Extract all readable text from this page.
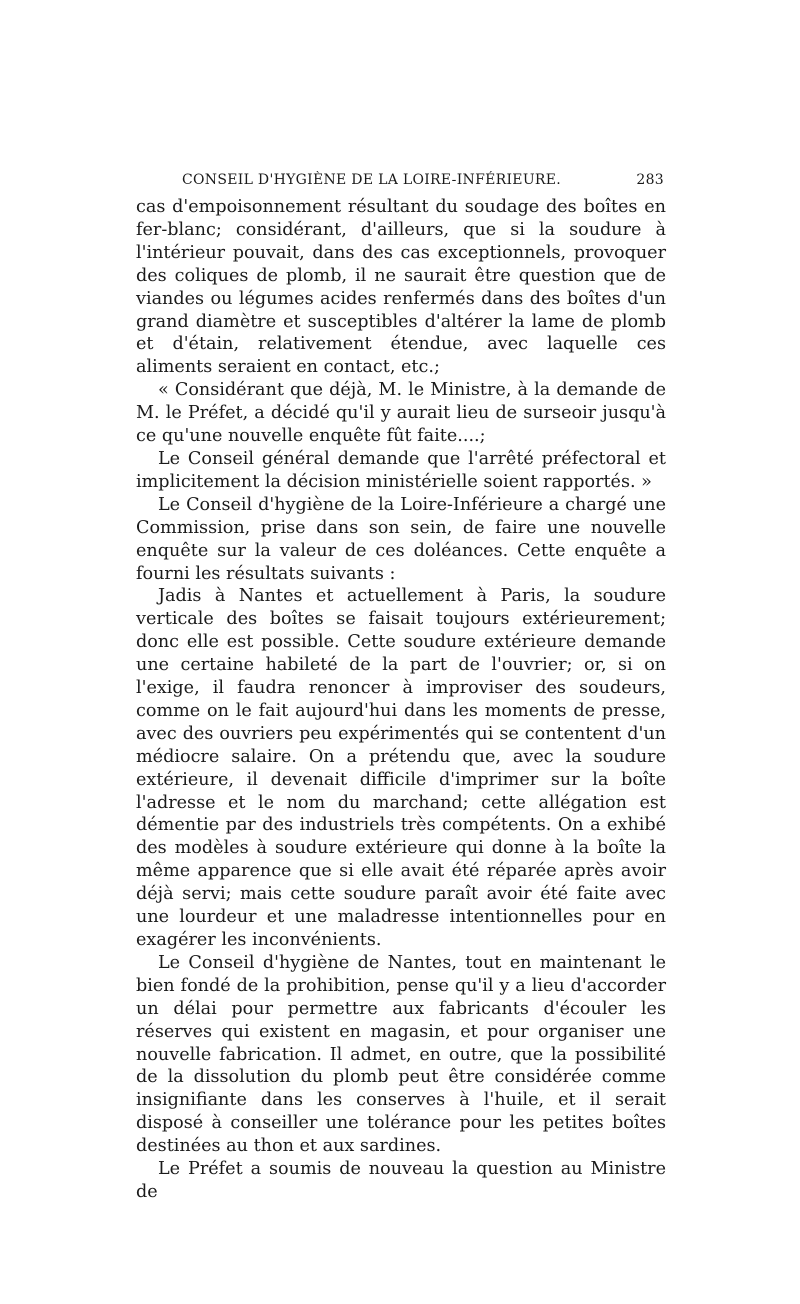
CONSEIL D'HYGIÈNE DE LA LOIRE-INFÉRIEURE.	283

cas d'empoisonnement résultant du soudage des boîtes en fer-blanc; considérant, d'ailleurs, que si la soudure à l'intérieur pouvait, dans des cas exceptionnels, provoquer des coliques de plomb, il ne saurait être question que de viandes ou légumes acides renfermés dans des boîtes d'un grand diamètre et susceptibles d'altérer la lame de plomb et d'étain, relativement étendue, avec laquelle ces aliments seraient en contact, etc.;

« Considérant que déjà, M. le Ministre, à la demande de M. le Préfet, a décidé qu'il y aurait lieu de surseoir jusqu'à ce qu'une nouvelle enquête fût faite....;

Le Conseil général demande que l'arrêté préfectoral et implicitement la décision ministérielle soient rapportés. »

Le Conseil d'hygiène de la Loire-Inférieure a chargé une Commission, prise dans son sein, de faire une nouvelle enquête sur la valeur de ces doléances. Cette enquête a fourni les résultats suivants :

Jadis à Nantes et actuellement à Paris, la soudure verticale des boîtes se faisait toujours extérieurement; donc elle est possible. Cette soudure extérieure demande une certaine habileté de la part de l'ouvrier; or, si on l'exige, il faudra renoncer à improviser des soudeurs, comme on le fait aujourd'hui dans les moments de presse, avec des ouvriers peu expérimentés qui se contentent d'un médiocre salaire. On a prétendu que, avec la soudure extérieure, il devenait difficile d'imprimer sur la boîte l'adresse et le nom du marchand; cette allégation est démentie par des industriels très compétents. On a exhibé des modèles à soudure extérieure qui donne à la boîte la même apparence que si elle avait été réparée après avoir déjà servi; mais cette soudure paraît avoir été faite avec une lourdeur et une maladresse intentionnelles pour en exagérer les inconvénients.

Le Conseil d'hygiène de Nantes, tout en maintenant le bien fondé de la prohibition, pense qu'il y a lieu d'accorder un délai pour permettre aux fabricants d'écouler les réserves qui existent en magasin, et pour organiser une nouvelle fabrication. Il admet, en outre, que la possibilité de la dissolution du plomb peut être considérée comme insignifiante dans les conserves à l'huile, et il serait disposé à conseiller une tolérance pour les petites boîtes destinées au thon et aux sardines.

Le Préfet a soumis de nouveau la question au Ministre de
